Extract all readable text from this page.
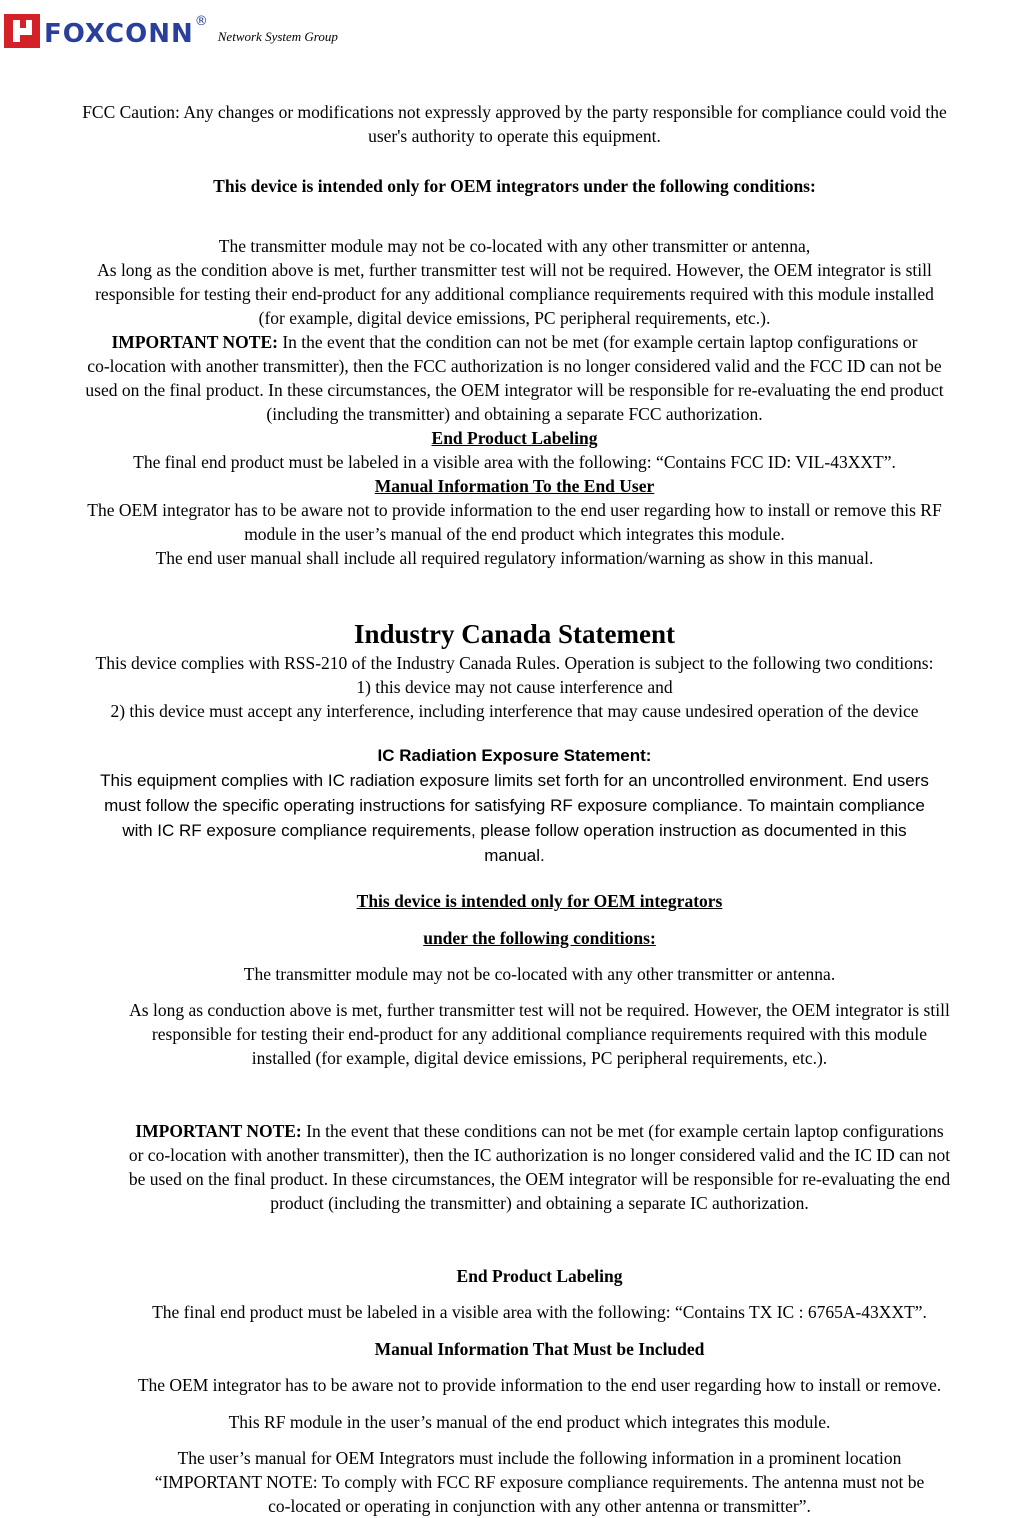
FOXCONN ®
Network System Group
FCC Caution: Any changes or modifications not expressly approved by the party responsible for compliance could void the
user's authority to operate this equipment.
This device is intended only for OEM integrators under the following conditions:
The transmitter module may not be co-located with any other transmitter or antenna,
As long as the condition above is met, further transmitter test will not be required. However, the OEM integrator is still
responsible for testing their end-product for any additional compliance requirements required with this module installed
(for example, digital device emissions, PC peripheral requirements, etc.).
IMPORTANT NOTE: In the event that the condition can not be met (for example certain laptop configurations or
co-location with another transmitter), then the FCC authorization is no longer considered valid and the FCC ID can not be
used on the final product. In these circumstances, the OEM integrator will be responsible for re-evaluating the end product
(including the transmitter) and obtaining a separate FCC authorization.
End Product Labeling
The final end product must be labeled in a visible area with the following: “Contains FCC ID: VIL-43XXT”.
Manual Information To the End User
The OEM integrator has to be aware not to provide information to the end user regarding how to install or remove this RF
module in the user’s manual of the end product which integrates this module.
The end user manual shall include all required regulatory information/warning as show in this manual.
Industry Canada Statement
This device complies with RSS-210 of the Industry Canada Rules. Operation is subject to the following two conditions:
1) this device may not cause interference and
2) this device must accept any interference, including interference that may cause undesired operation of the device
IC Radiation Exposure Statement:
This equipment complies with IC radiation exposure limits set forth for an uncontrolled environment. End users
must follow the specific operating instructions for satisfying RF exposure compliance. To maintain compliance
with IC RF exposure compliance requirements, please follow operation instruction as documented in this
manual.
This device is intended only for OEM integrators
under the following conditions:
The transmitter module may not be co-located with any other transmitter or antenna.
As long as conduction above is met, further transmitter test will not be required. However, the OEM integrator is still
responsible for testing their end-product for any additional compliance requirements required with this module
installed (for example, digital device emissions, PC peripheral requirements, etc.).
IMPORTANT NOTE: In the event that these conditions can not be met (for example certain laptop configurations
or co-location with another transmitter), then the IC authorization is no longer considered valid and the IC ID can not
be used on the final product. In these circumstances, the OEM integrator will be responsible for re-evaluating the end
product (including the transmitter) and obtaining a separate IC authorization.
End Product Labeling
The final end product must be labeled in a visible area with the following: “Contains TX IC : 6765A-43XXT”.
Manual Information That Must be Included
The OEM integrator has to be aware not to provide information to the end user regarding how to install or remove.
This RF module in the user’s manual of the end product which integrates this module.
The user’s manual for OEM Integrators must include the following information in a prominent location
“IMPORTANT NOTE: To comply with FCC RF exposure compliance requirements. The antenna must not be
co-located or operating in conjunction with any other antenna or transmitter”.
